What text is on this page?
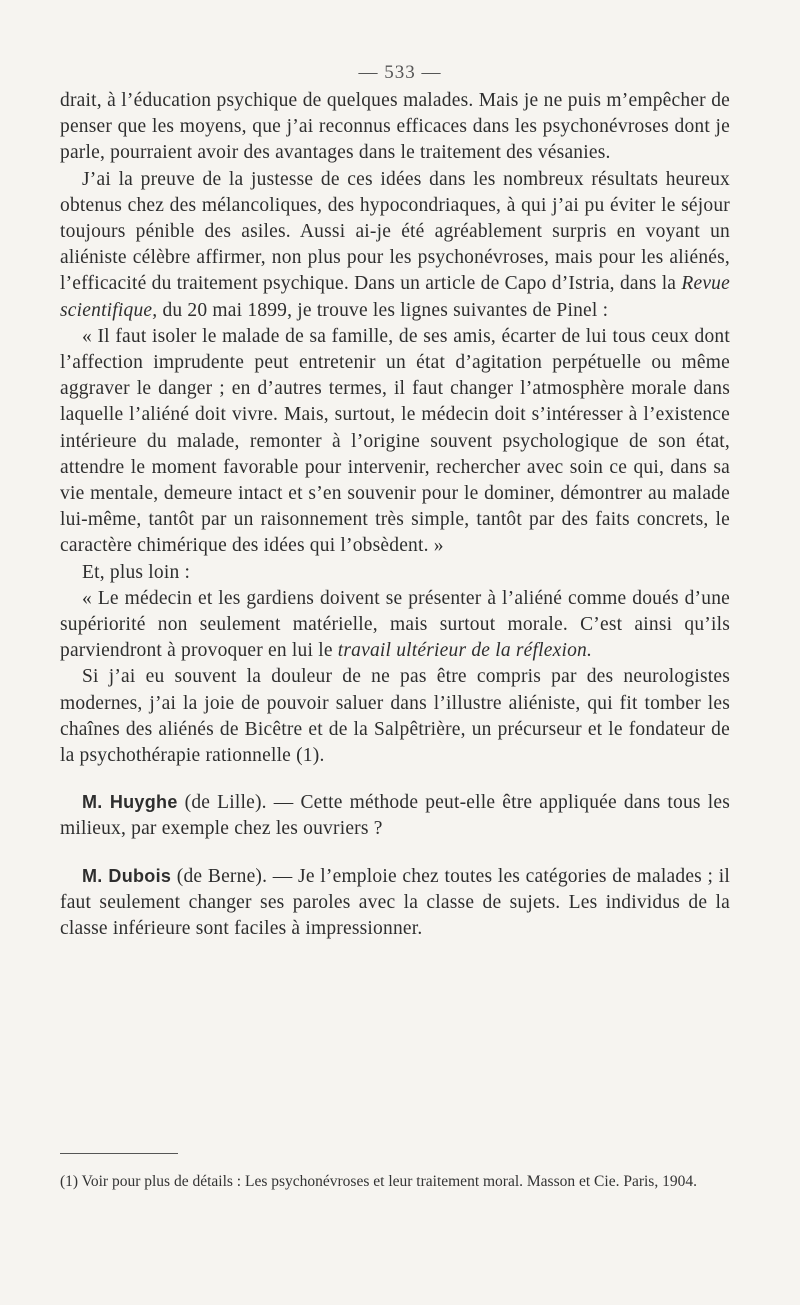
— 533 —

drait, à l’éducation psychique de quelques malades. Mais je ne puis m’empêcher de penser que les moyens, que j’ai reconnus efficaces dans les psychonévroses dont je parle, pourraient avoir des avantages dans le traitement des vésanies.

J’ai la preuve de la justesse de ces idées dans les nombreux résultats heureux obtenus chez des mélancoliques, des hypocondriaques, à qui j’ai pu éviter le séjour toujours pénible des asiles. Aussi ai-je été agréablement surpris en voyant un aliéniste célèbre affirmer, non plus pour les psychonévroses, mais pour les aliénés, l’efficacité du traitement psychique. Dans un article de Capo d’Istria, dans la Revue scientifique, du 20 mai 1899, je trouve les lignes suivantes de Pinel :

« Il faut isoler le malade de sa famille, de ses amis, écarter de lui tous ceux dont l’affection imprudente peut entretenir un état d’agitation perpétuelle ou même aggraver le danger ; en d’autres termes, il faut changer l’atmosphère morale dans laquelle l’aliéné doit vivre. Mais, surtout, le médecin doit s’intéresser à l’existence intérieure du malade, remonter à l’origine souvent psychologique de son état, attendre le moment favorable pour intervenir, rechercher avec soin ce qui, dans sa vie mentale, demeure intact et s’en souvenir pour le dominer, démontrer au malade lui-même, tantôt par un raisonnement très simple, tantôt par des faits concrets, le caractère chimérique des idées qui l’obsèdent. »

Et, plus loin :

« Le médecin et les gardiens doivent se présenter à l’aliéné comme doués d’une supériorité non seulement matérielle, mais surtout morale. C’est ainsi qu’ils parviendront à provoquer en lui le travail ultérieur de la réflexion.

Si j’ai eu souvent la douleur de ne pas être compris par des neurologistes modernes, j’ai la joie de pouvoir saluer dans l’illustre aliéniste, qui fit tomber les chaînes des aliénés de Bicêtre et de la Salpêtrière, un précurseur et le fondateur de la psychothérapie rationnelle (1).

M. Huyghe (de Lille). — Cette méthode peut-elle être appliquée dans tous les milieux, par exemple chez les ouvriers ?

M. Dubois (de Berne). — Je l’emploie chez toutes les catégories de malades ; il faut seulement changer ses paroles avec la classe de sujets. Les individus de la classe inférieure sont faciles à impressionner.

(1) Voir pour plus de détails : Les psychonévroses et leur traitement moral. Masson et Cie. Paris, 1904.
